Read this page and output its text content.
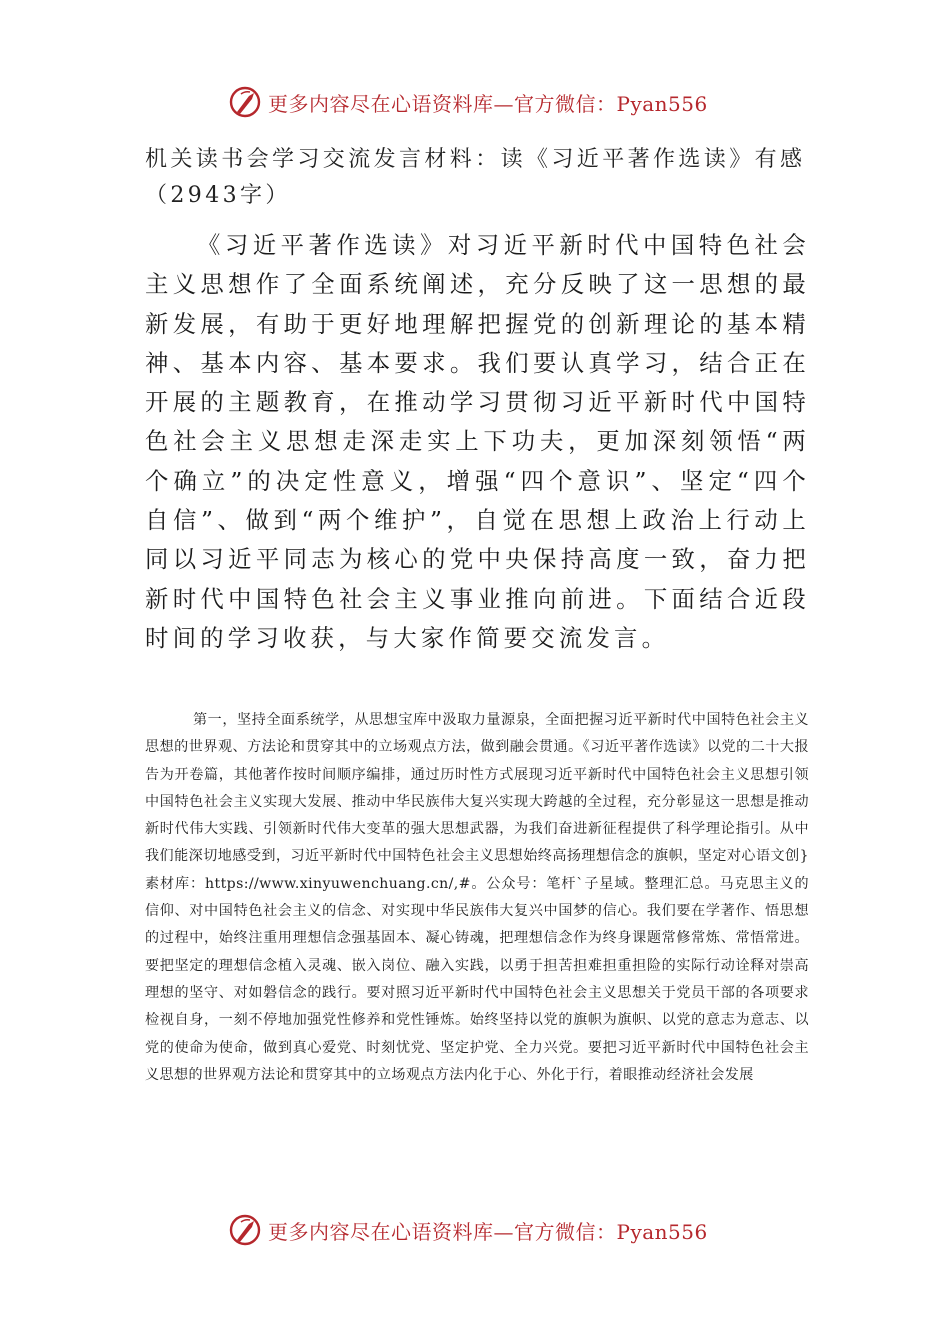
更多内容尽在心语资料库—官方微信：Pyan556
机关读书会学习交流发言材料：读《习近平著作选读》有感（2943字）
《习近平著作选读》对习近平新时代中国特色社会主义思想作了全面系统阐述，充分反映了这一思想的最新发展，有助于更好地理解把握党的创新理论的基本精神、基本内容、基本要求。我们要认真学习，结合正在开展的主题教育，在推动学习贯彻习近平新时代中国特色社会主义思想走深走实上下功夫，更加深刻领悟“两个确立”的决定性意义，增强“四个意识”、坚定“四个自信”、做到“两个维护”，自觉在思想上政治上行动上同以习近平同志为核心的党中央保持高度一致，奋力把新时代中国特色社会主义事业推向前进。下面结合近段时间的学习收获，与大家作简要交流发言。
第一，坚持全面系统学，从思想宝库中汲取力量源泉，全面把握习近平新时代中国特色社会主义思想的世界观、方法论和贯穿其中的立场观点方法，做到融会贯通。《习近平著作选读》以党的二十大报告为开卷篇，其他著作按时间顺序编排，通过历时性方式展现习近平新时代中国特色社会主义思想引领中国特色社会主义实现大发展、推动中华民族伟大复兴实现大跨越的全过程，充分彰显这一思想是推动新时代伟大实践、引领新时代伟大变革的强大思想武器，为我们奋进新征程提供了科学理论指引。从中我们能深切地感受到，习近平新时代中国特色社会主义思想始终高扬理想信念的旗帜，坚定对心语文创}素材库：https://www.xinyuwenchuang.cn/,#。公众号：笔杆`子星域。整理汇总。马克思主义的信仰、对中国特色社会主义的信念、对实现中华民族伟大复兴中国梦的信心。我们要在学著作、悟思想的过程中，始终注重用理想信念强基固本、凝心铸魂，把理想信念作为终身课题常修常炼、常悟常进。要把坚定的理想信念植入灵魂、嵌入岗位、融入实践，以勇于担苦担难担重担险的实际行动诠释对崇高理想的坚守、对如磐信念的践行。要对照习近平新时代中国特色社会主义思想关于党员干部的各项要求检视自身，一刻不停地加强党性修养和党性锤炼。始终坚持以党的旗帜为旗帜、以党的意志为意志、以党的使命为使命，做到真心爱党、时刻忧党、坚定护党、全力兴党。要把习近平新时代中国特色社会主义思想的世界观方法论和贯穿其中的立场观点方法内化于心、外化于行，着眼推动经济社会发展
更多内容尽在心语资料库—官方微信：Pyan556
